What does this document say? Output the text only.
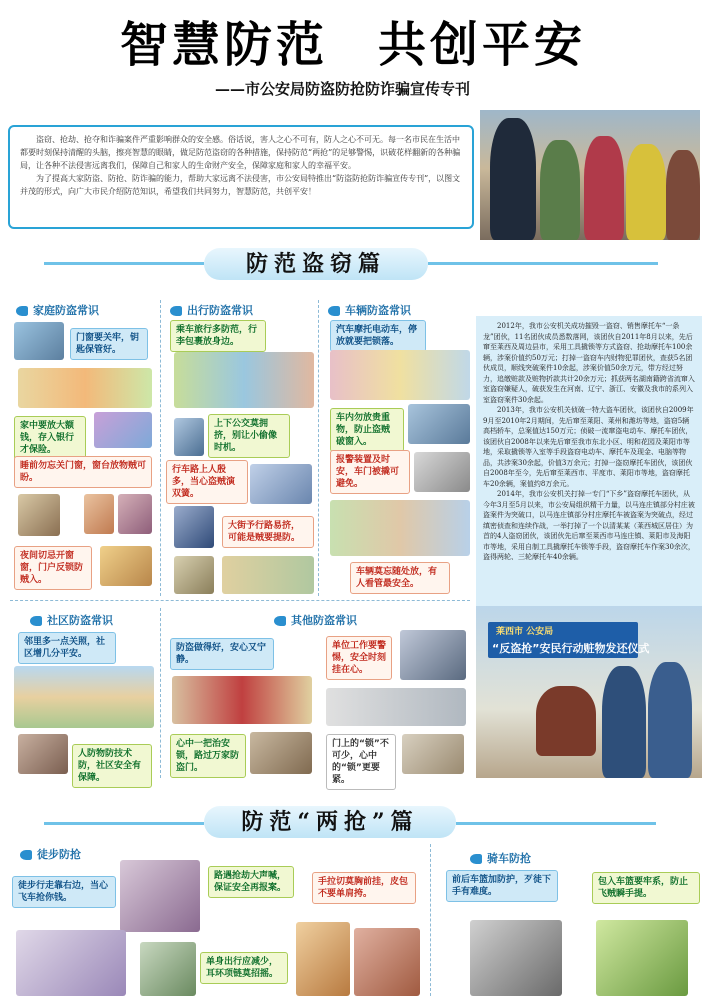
智慧防范 共创平安
——市公安局防盗防抢防诈骗宣传专刊

盗窃、抢劫、抢夺和诈骗案件严重影响群众的安全感。俗话说，害人之心不可有，防人之心不可无。每一名市民在生活中都要时刻保持清醒的头脑，擦亮智慧的眼睛，做足防范盗窃的各种措施，保持防范“两抢”的足够警惕，识破花样翻新的各种骗局，让各种不法侵害远离我们，保障自己和家人的生命财产安全，保障家庭和家人的幸福平安。

为了提高大家防盗、防抢、防诈骗的能力，帮助大家远离不法侵害，市公安局特推出“防盗防抢防诈骗宣传专刊”，以图文并茂的形式，向广大市民介绍防范知识，希望我们共同努力，智慧防范，共创平安！

防范盗窃篇
家庭防盗常识
门窗要关牢，钥匙保管好。
家中要放大额钱，存入银行才保险。
睡前勿忘关门窗，窗台放物贼可盼。
夜间切忌开窗窗，门户反锁防贼入。
出行防盗常识
乘车旅行多防范，行李包裹放身边。
上下公交莫拥挤，别让小偷像时机。
行车路上人殷多，当心盗贼演双簧。
大街予行路易挤，可能是贼要提防。
车辆防盗常识
汽车摩托电动车，停放就要把锁落。
车内勿放贵重物，防止盗贼破窗入。
报警装置及时安，车门被撬可避免。
车辆莫忘随处放，有人看管最安全。
社区防盗常识
邻里多一点关照，社区增几分平安。
人防物防技术防，社区安全有保障。
其他防盗常识
防盗做得好，安心又宁静。
心中一把治安锁，路过万家防盗门。
单位工作要警惕，安全时刻挂在心。
门上的“锁”不可少，心中的“锁”更要紧。

2012年，我市公安机关成功摧毁一盗窃、销售摩托车“一条龙”团伙，11名团伙成员悉数落网，该团伙自2011年8月以来，先后窜至莱西及周边县市，采用工具撬锁等方式盗窃、抢劫摩托车100余辆，涉案价值约50万元；打掉一盗窃车内财物犯罪团伙，查获5名团伙成员，顺线突破案件10余起，涉案价值50余万元，带方经过努力，追缴赃款及赃物折款共计20余万元；抓获两名湖南籍跨省流窜入室盗窃嫌疑人，破获发生在河南、辽宁、浙江、安徽及我市的系列入室盗窃案件30余起。

2013年，我市公安机关侦破一特大盗车团伙，该团伙自2009年9月至2010年2月期间，先后窜至莱阳、莱州和潍坊等地，盗窃5辆高档轿车，总案值达150万元；侦破一流窜盗电动车、摩托车团伙，该团伙自2008年以来先后窜至我市东北小区、明和花园及莱阳市等地，采取撬锁等入室等手段盗窃电动车、摩托车及现金、电脑等物品，共涉案30余起，价值3万余元；打掉一盗窃摩托车团伙，该团伙自2008年至今，先后窜至莱西市、平度市、莱阳市等地，盗窃摩托车20余辆，案值约8万余元。

2014年，我市公安机关打掉一专门“下乡”盗窃摩托车团伙，从今年3月至5月以来，市公安局组织精干力量，以马连庄镇部分村庄被盗案件为突破口，以马连庄镇部分村庄摩托车被盗案为突破点，经过缜密侦查和连续作战，一举打掉了一个以清某某（莱西城区居住）为首的4人盗窃团伙，该团伙先后窜至莱西市马连庄镇、莱阳市及海阳市等地，采用自制工具撬摩托车锁等手段，盗窃摩托车作案30余次，盗得两轮、三轮摩托车40余辆。

莱西市 公安局
“反盗抢”安民行动赃物发还仪式
防范“两抢”篇
徒步防抢
徒步行走靠右边，当心飞车抢你钱。
路遇抢劫大声喊，保证安全再报案。
手拉切莫胸前挂，皮包不要单肩挎。
单身出行应减少，耳环项链莫招摇。
骑车防抢
前后车篮加防护，歹徒下手有难度。
包入车篮要牢系，防止飞贼瞬手提。
